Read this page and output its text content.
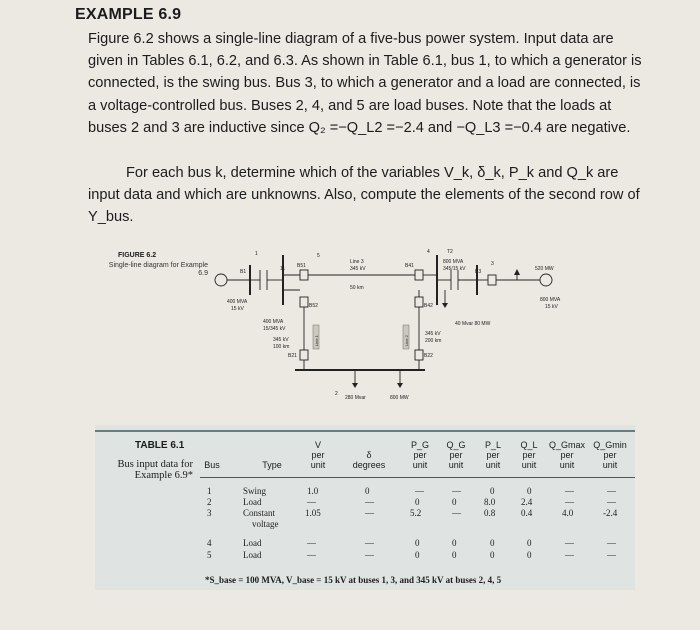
EXAMPLE 6.9
Figure 6.2 shows a single-line diagram of a five-bus power system. Input data are given in Tables 6.1, 6.2, and 6.3. As shown in Table 6.1, bus 1, to which a generator is connected, is the swing bus. Bus 3, to which a generator and a load are connected, is a voltage-controlled bus. Buses 2, 4, and 5 are load buses. Note that the loads at buses 2 and 3 are inductive since Q₂ =−Q_L2 =−2.4 and −Q_L3 =−0.4 are negative.
For each bus k, determine which of the variables V_k, δ_k, P_k and Q_k are input data and which are unknowns. Also, compute the elements of the second row of Y_bus.
FIGURE 6.2
Single-line diagram for Example 6.9
1	5
4
3
2
11
T2
B1
B51	B41
B3
B52	B42
B21	B22
400 MVA
15 kV
400 MVA
15/345 kV
Line 3
345 kV
50 km
800 MVA
345/15 kV
345 kV
100 km
345 kV
200 km
Line 1	Line 2
520 MW
800 MVA
15 kV
40 Mvar 80 MW
280 Mvar	800 MW
TABLE 6.1
Bus input data for Example 6.9*
Bus	Type
V
per
unit
δ
degrees
P_G
per
unit
Q_G
per
unit
P_L
per
unit
Q_L
per
unit
Q_Gmax
per
unit
Q_Gmin
per
unit
1	Swing	1.0	0	—	—	0	0	—	—
2	Load	—	—	0	0	8.0	2.4	—	—
3	Constant
voltage
1.05	—	5.2	—	0.8	0.4	4.0	-2.4
4	Load	—	—	0	0	0	0	—	—
5	Load	—	—	0	0	0	0	—	—
*S_base = 100 MVA, V_base = 15 kV at buses 1, 3, and 345 kV at buses 2, 4, 5
